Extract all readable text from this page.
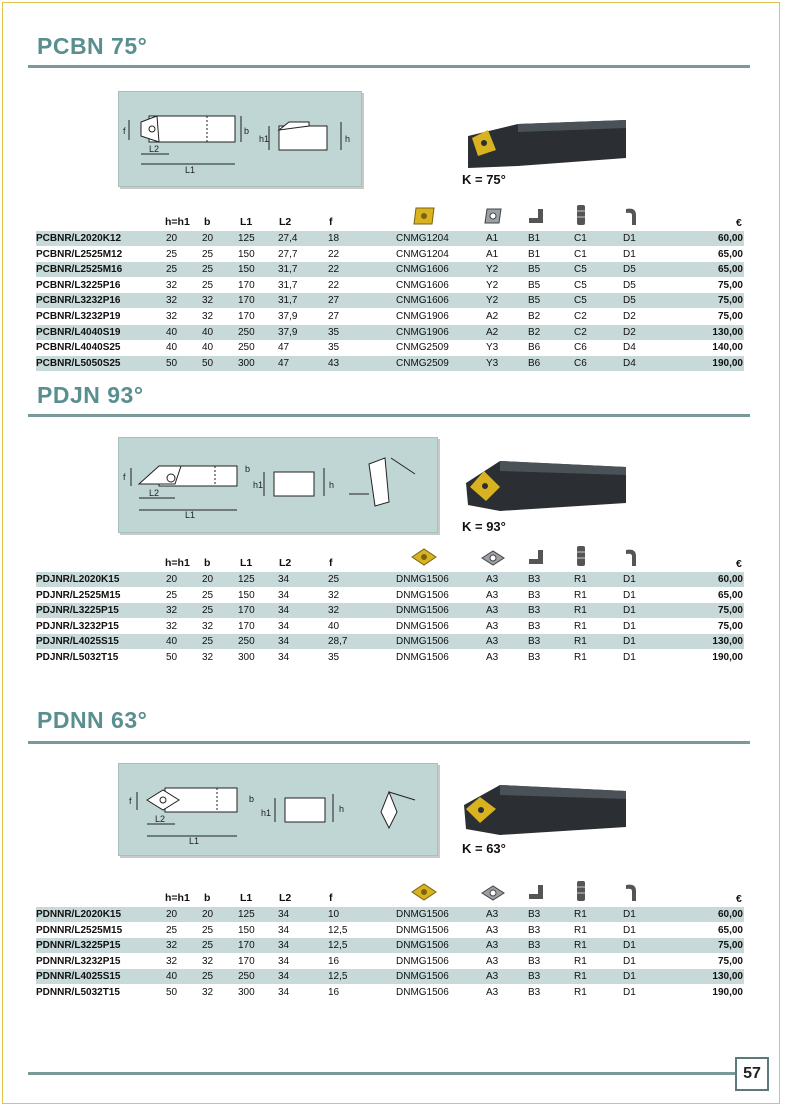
PCBN 75°
f	b
L2
L1
h1	h
K = 75°
h=h1 b	L1	L2	f	€
PCBNR/L2020K12	20 20 125 27,4	18	CNMG1204	A1	B1	C1	D1	60,00
PCBNR/L2525M12	25 25 150 27,7	22	CNMG1204	A1	B1	C1	D1	65,00
PCBNR/L2525M16	25 25 150 31,7	22	CNMG1606	Y2	B5	C5	D5	65,00
PCBNR/L3225P16	32 25 170 31,7	22	CNMG1606	Y2	B5	C5	D5	75,00
PCBNR/L3232P16	32 32 170 31,7	27	CNMG1606	Y2	B5	C5	D5	75,00
PCBNR/L3232P19	32 32 170 37,9	27	CNMG1906	A2	B2	C2	D2	75,00
PCBNR/L4040S19	40 40 250 37,9	35	CNMG1906	A2	B2	C2	D2	130,00
PCBNR/L4040S25	40 40 250 47	35	CNMG2509	Y3	B6	C6	D4	140,00
PCBNR/L5050S25	50 50 300 47	43	CNMG2509	Y3	B6	C6	D4	190,00
PDJN 93°
f
b
L2
L1
h1	h
K = 93°
h=h1 b	L1	L2	f	€
PDJNR/L2020K15	20 20 125 34	25	DNMG1506	A3	B3	R1	D1	60,00
PDJNR/L2525M15	25 25 150 34	32	DNMG1506	A3	B3	R1	D1	65,00
PDJNR/L3225P15	32 25 170 34	32	DNMG1506	A3	B3	R1	D1	75,00
PDJNR/L3232P15	32 32 170 34	40	DNMG1506	A3	B3	R1	D1	75,00
PDJNR/L4025S15	40 25 250 34	28,7	DNMG1506	A3	B3	R1	D1	130,00
PDJNR/L5032T15	50 32 300 34	35	DNMG1506	A3	B3	R1	D1	190,00
PDNN 63°
f	b
L2
L1
h1	h
K = 63°
h=h1 b	L1	L2	f	€
PDNNR/L2020K15	20 20 125 34	10	DNMG1506	A3	B3	R1	D1	60,00
PDNNR/L2525M15	25 25 150 34	12,5	DNMG1506	A3	B3	R1	D1	65,00
PDNNR/L3225P15	32 25 170 34	12,5	DNMG1506	A3	B3	R1	D1	75,00
PDNNR/L3232P15	32 32 170 34	16	DNMG1506	A3	B3	R1	D1	75,00
PDNNR/L4025S15	40 25 250 34	12,5	DNMG1506	A3	B3	R1	D1	130,00
PDNNR/L5032T15	50 32 300 34	16	DNMG1506	A3	B3	R1	D1	190,00
57
